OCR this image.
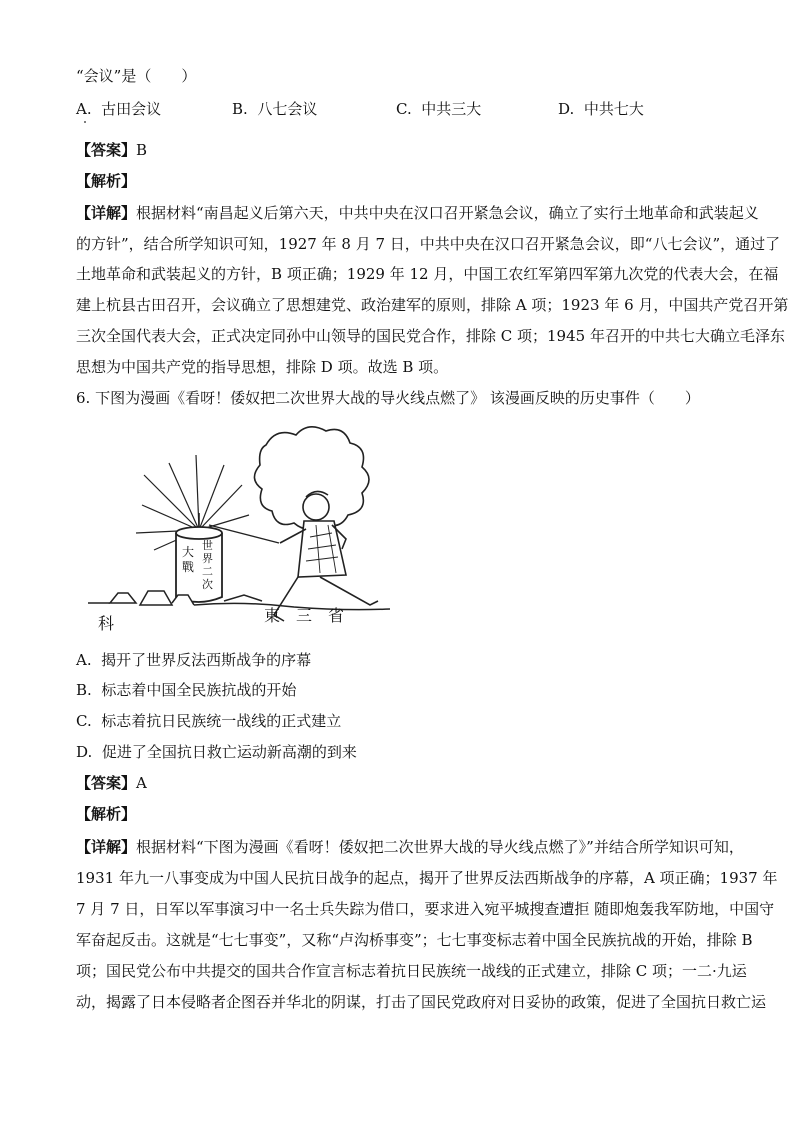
“会议”是（　　）
A. 古田会议	B. 八七会议	C. 中共三大	D. 中共七大
【答案】B
【解析】
【详解】根据材料“南昌起义后第六天，中共中央在汉口召开紧急会议，确立了实行土地革命和武装起义
的方针”，结合所学知识可知，1927 年 8 月 7 日，中共中央在汉口召开紧急会议，即“八七会议”，通过了
土地革命和武装起义的方针，B 项正确；1929 年 12 月，中国工农红军第四军第九次党的代表大会，在福
建上杭县古田召开，会议确立了思想建党、政治建军的原则，排除 A 项；1923 年 6 月，中国共产党召开第
三次全国代表大会，正式决定同孙中山领导的国民党合作，排除 C 项；1945 年召开的中共七大确立毛泽东
思想为中国共产党的指导思想，排除 D 项。故选 B 项。
6. 下图为漫画《看呀！倭奴把二次世界大战的导火线点燃了》 该漫画反映的历史事件（　　）
大戰
世界二次
科	東　三　省
A. 揭开了世界反法西斯战争的序幕
B. 标志着中国全民族抗战的开始
C. 标志着抗日民族统一战线的正式建立
D. 促进了全国抗日救亡运动新高潮的到来
【答案】A
【解析】
【详解】根据材料“下图为漫画《看呀！倭奴把二次世界大战的导火线点燃了》”并结合所学知识可知，
1931 年九一八事变成为中国人民抗日战争的起点，揭开了世界反法西斯战争的序幕，A 项正确；1937 年
7 月 7 日，日军以军事演习中一名士兵失踪为借口，要求进入宛平城搜查遭拒 随即炮轰我军防地，中国守
军奋起反击。这就是“七七事变”，又称“卢沟桥事变”；七七事变标志着中国全民族抗战的开始，排除 B
项；国民党公布中共提交的国共合作宣言标志着抗日民族统一战线的正式建立，排除 C 项；一二·九运
动，揭露了日本侵略者企图吞并华北的阴谋，打击了国民党政府对日妥协的政策，促进了全国抗日救亡运
